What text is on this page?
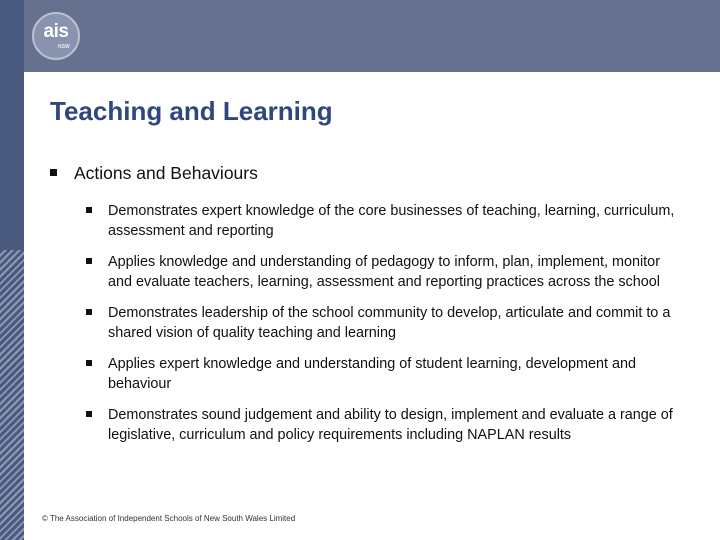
ais
NSW
Teaching and Learning
Actions and Behaviours
Demonstrates expert knowledge of the core businesses of teaching, learning, curriculum, assessment and reporting
Applies knowledge and understanding of pedagogy to inform, plan, implement, monitor and evaluate teachers, learning, assessment and reporting practices across the school
Demonstrates leadership of the school community to develop, articulate and commit to a shared vision of quality teaching and learning
Applies expert knowledge and understanding of student learning, development and behaviour
Demonstrates sound judgement and ability to design, implement and evaluate a range of legislative, curriculum and policy requirements including NAPLAN results
© The Association of Independent Schools of New South Wales Limited
